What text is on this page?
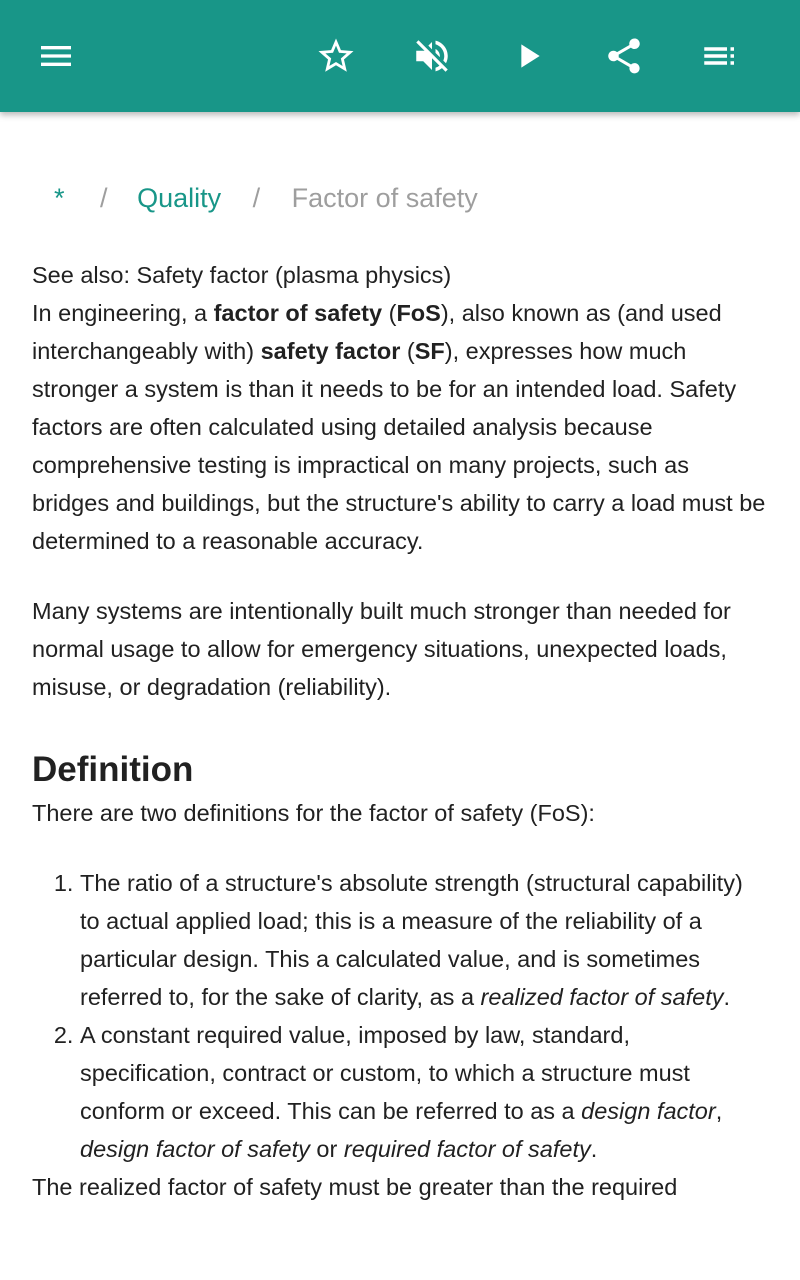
* / Quality / Factor of safety

See also: Safety factor (plasma physics)

In engineering, a factor of safety (FoS), also known as (and used interchangeably with) safety factor (SF), expresses how much stronger a system is than it needs to be for an intended load. Safety factors are often calculated using detailed analysis because comprehensive testing is impractical on many projects, such as bridges and buildings, but the structure's ability to carry a load must be determined to a reasonable accuracy.

Many systems are intentionally built much stronger than needed for normal usage to allow for emergency situations, unexpected loads, misuse, or degradation (reliability).

Definition

There are two definitions for the factor of safety (FoS):

1. The ratio of a structure's absolute strength (structural capability) to actual applied load; this is a measure of the reliability of a particular design. This a calculated value, and is sometimes referred to, for the sake of clarity, as a realized factor of safety.
2. A constant required value, imposed by law, standard, specification, contract or custom, to which a structure must conform or exceed. This can be referred to as a design factor, design factor of safety or required factor of safety.

The realized factor of safety must be greater than the required
